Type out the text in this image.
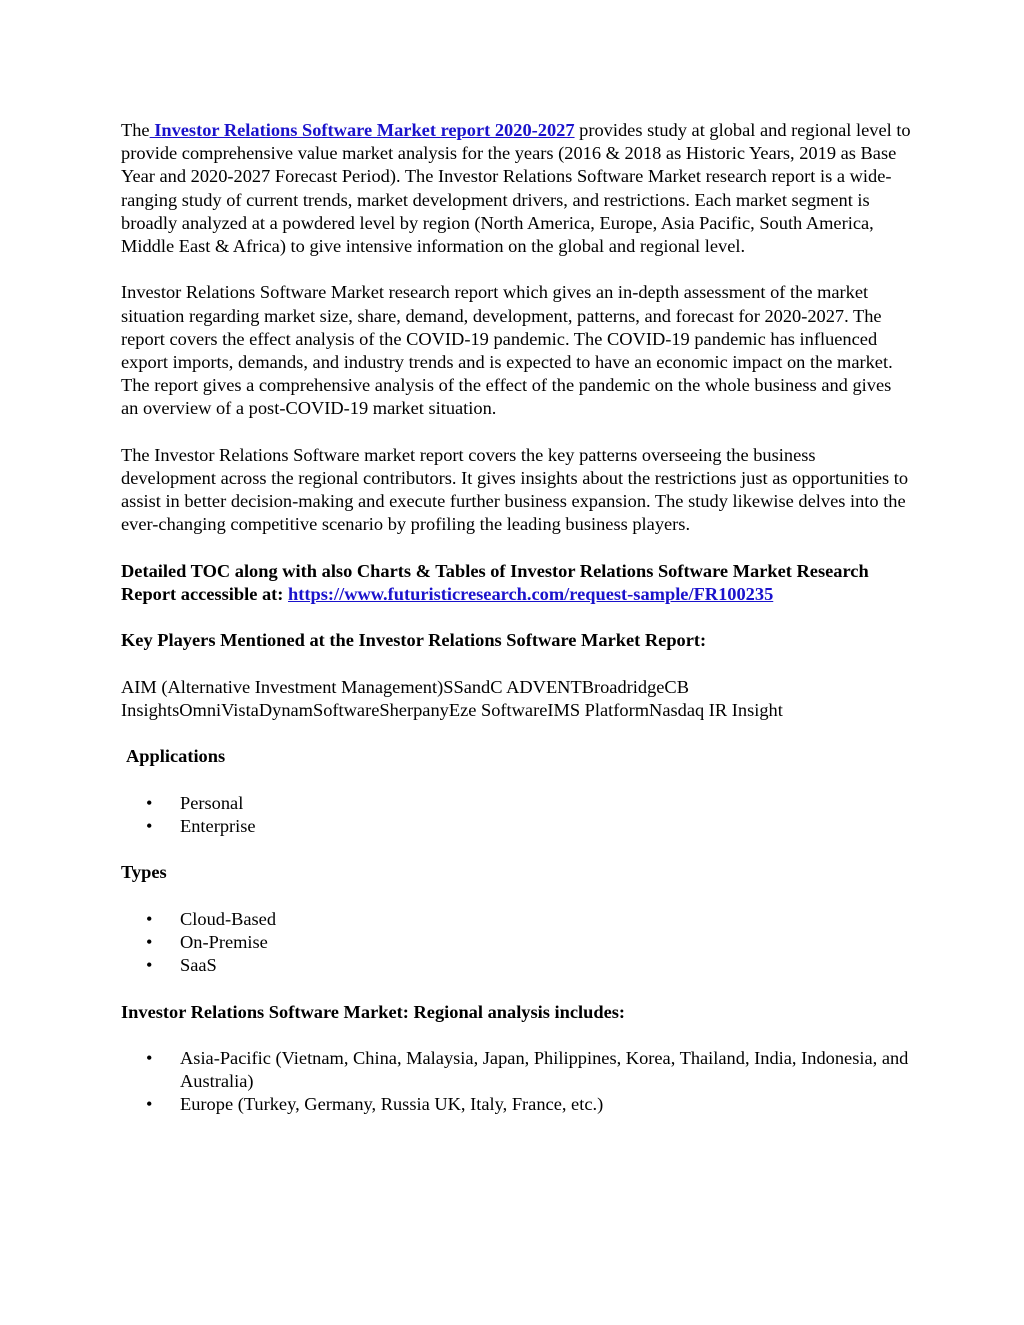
The Investor Relations Software Market report 2020-2027 provides study at global and regional level to provide comprehensive value market analysis for the years (2016 & 2018 as Historic Years, 2019 as Base Year and 2020-2027 Forecast Period). The Investor Relations Software Market research report is a wide-ranging study of current trends, market development drivers, and restrictions. Each market segment is broadly analyzed at a powdered level by region (North America, Europe, Asia Pacific, South America, Middle East & Africa) to give intensive information on the global and regional level.

Investor Relations Software Market research report which gives an in-depth assessment of the market situation regarding market size, share, demand, development, patterns, and forecast for 2020-2027. The report covers the effect analysis of the COVID-19 pandemic. The COVID-19 pandemic has influenced export imports, demands, and industry trends and is expected to have an economic impact on the market. The report gives a comprehensive analysis of the effect of the pandemic on the whole business and gives an overview of a post-COVID-19 market situation.

The Investor Relations Software market report covers the key patterns overseeing the business development across the regional contributors. It gives insights about the restrictions just as opportunities to assist in better decision-making and execute further business expansion. The study likewise delves into the ever-changing competitive scenario by profiling the leading business players.

Detailed TOC along with also Charts & Tables of Investor Relations Software Market Research Report accessible at: https://www.futuristicresearch.com/request-sample/FR100235

Key Players Mentioned at the Investor Relations Software Market Report:

AIM (Alternative Investment Management)SSandC ADVENTBroadridgeCB InsightsOmniVistaDynamSoftwareSherpanyEze SoftwareIMS PlatformNasdaq IR Insight

Applications
• Personal
• Enterprise
Types
• Cloud-Based
• On-Premise
• SaaS
Investor Relations Software Market: Regional analysis includes:
• Asia-Pacific (Vietnam, China, Malaysia, Japan, Philippines, Korea, Thailand, India, Indonesia, and Australia)
• Europe (Turkey, Germany, Russia UK, Italy, France, etc.)
